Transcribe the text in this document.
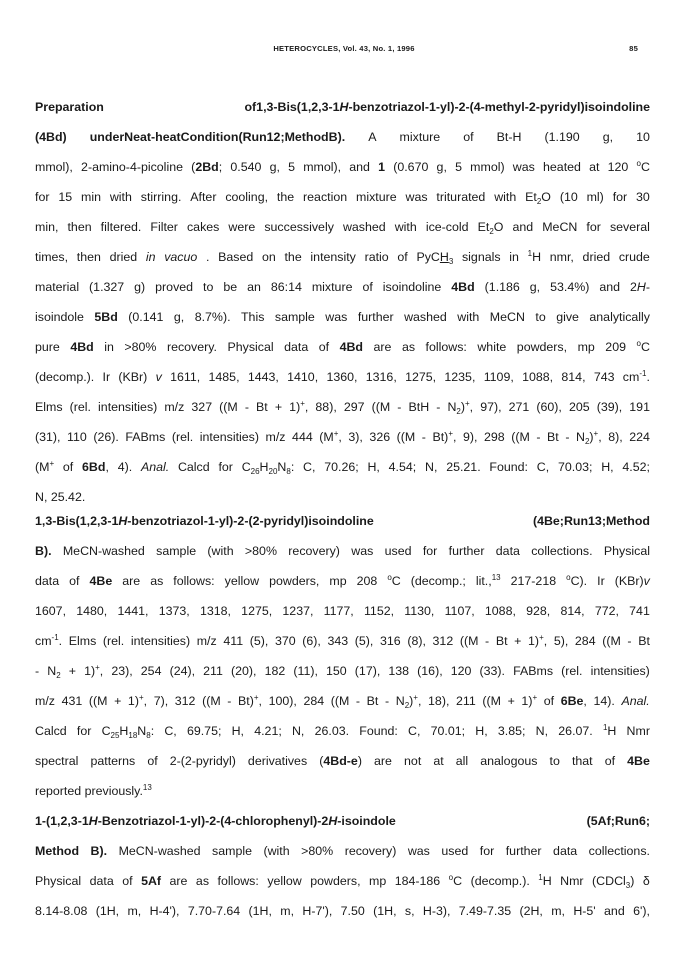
HETEROCYCLES, Vol. 43, No. 1, 1996	85
Preparation	of1,3-Bis(1,2,3-1H-benzotriazol-1-yl)-2-(4-methyl-2-pyridyl)isoindoline
(4Bd) underNeat-heatCondition(Run12;MethodB). A mixture of Bt-H (1.190 g, 10
mmol), 2-amino-4-picoline (2Bd; 0.540 g, 5 mmol), and 1 (0.670 g, 5 mmol) was heated at 120 $^o$C
for 15 min with stirring. After cooling, the reaction mixture was triturated with $Et_2O$ (10 ml) for 30
min, then filtered. Filter cakes were successively washed with ice-cold $Et_2O$ and MeCN for several
times, then dried in vacuo . Based on the intensity ratio of PyCH$_3$ signals in $^1$H nmr, dried crude
material (1.327 g) proved to be an 86:14 mixture of isoindoline 4Bd (1.186 g, 53.4%) and 2H-
isoindole 5Bd (0.141 g, 8.7%). This sample was further washed with MeCN to give analytically
pure 4Bd in >80% recovery. Physical data of 4Bd are as follows: white powders, mp 209 $^o$C
(decomp.). Ir (KBr) v 1611, 1485, 1443, 1410, 1360, 1316, 1275, 1235, 1109, 1088, 814, 743 $cm^{-1}$.
Elms (rel. intensities) m/z 327 ((M - Bt + 1)+, 88), 297 ((M - BtH - $N_2)^+$, 97), 271 (60), 205 (39), 191
(31), 110 (26). FABms (rel. intensities) m/z 444 (M+, 3), 326 ((M - Bt)+, 9), 298 ((M - Bt - $N_2)^+$, 8), 224
(M+ of 6Bd, 4). Anal. Calcd for $C_{26}H_{20}N_8$: C, 70.26; H, 4.54; N, 25.21. Found: C, 70.03; H, 4.52;
N, 25.42.
1,3-Bis(1,2,3-1H-benzotriazol-1-yl)-2-(2-pyridyl)isoindoline	(4Be;Run13;Method
B). MeCN-washed sample (with >80% recovery) was used for further data collections. Physical
data of 4Be are as follows: yellow powders, mp 208 $^o$C (decomp.; lit.,$^{13}$ 217-218 $^o$C). Ir (KBr)v
1607, 1480, 1441, 1373, 1318, 1275, 1237, 1177, 1152, 1130, 1107, 1088, 928, 814, 772, 741
$cm^{-1}$. Elms (rel. intensities) m/z 411 (5), 370 (6), 343 (5), 316 (8), 312 ((M - Bt + 1)+, 5), 284 ((M - Bt
- $N_2 + 1)^+$, 23), 254 (24), 211 (20), 182 (11), 150 (17), 138 (16), 120 (33). FABms (rel. intensities)
m/z 431 ((M + 1)+, 7), 312 ((M - Bt)+, 100), 284 ((M - Bt - $N_2)^+$, 18), 211 ((M + 1)+ of 6Be, 14). Anal.
Calcd for $C_{25}H_{18}N_8$: C, 69.75; H, 4.21; N, 26.03. Found: C, 70.01; H, 3.85; N, 26.07. $^1$H Nmr
spectral patterns of 2-(2-pyridyl) derivatives (4Bd-e) are not at all analogous to that of 4Be
reported previously.$^{13}$
1-(1,2,3-1H-Benzotriazol-1-yl)-2-(4-chlorophenyl)-2H-isoindole	(5Af;Run6;
Method B). MeCN-washed sample (with >80% recovery) was used for further data collections.
Physical data of 5Af are as follows: yellow powders, mp 184-186 $^o$C (decomp.). $^1$H Nmr (CDCl$_3$) δ
8.14-8.08 (1H, m, H-4'), 7.70-7.64 (1H, m, H-7'), 7.50 (1H, s, H-3), 7.49-7.35 (2H, m, H-5' and 6'),
